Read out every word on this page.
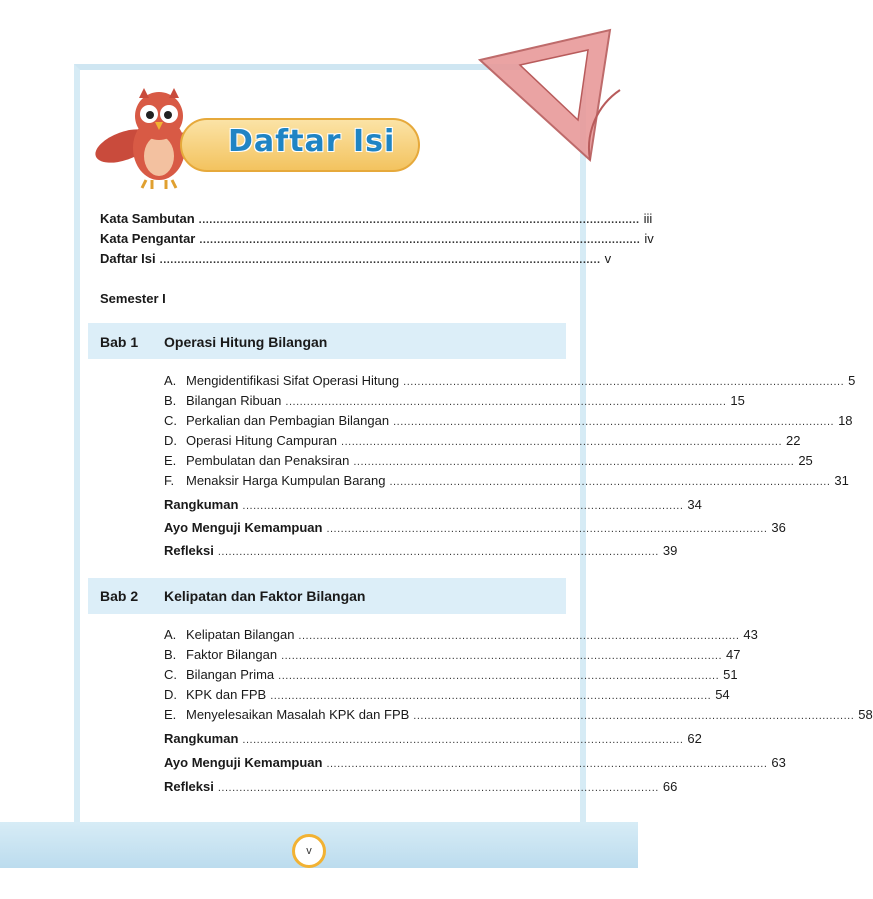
Daftar Isi
Kata Sambutan ............................................................................................................................ iii
Kata Pengantar ............................................................................................................................ iv
Daftar Isi ............................................................................................................................ v
Semester I
Bab 1 Operasi Hitung Bilangan
A. Mengidentifikasi Sifat Operasi Hitung ............................................................................................................................ 5
B. Bilangan Ribuan ............................................................................................................................ 15
C. Perkalian dan Pembagian Bilangan ............................................................................................................................ 18
D. Operasi Hitung Campuran ............................................................................................................................ 22
E. Pembulatan dan Penaksiran ............................................................................................................................ 25
F. Menaksir Harga Kumpulan Barang ............................................................................................................................ 31
Rangkuman ............................................................................................................................ 34
Ayo Menguji Kemampuan ............................................................................................................................ 36
Refleksi ............................................................................................................................ 39
Bab 2 Kelipatan dan Faktor Bilangan
A. Kelipatan Bilangan ............................................................................................................................ 43
B. Faktor Bilangan ............................................................................................................................ 47
C. Bilangan Prima ............................................................................................................................ 51
D. KPK dan FPB ............................................................................................................................ 54
E. Menyelesaikan Masalah KPK dan FPB ............................................................................................................................ 58
Rangkuman ............................................................................................................................ 62
Ayo Menguji Kemampuan ............................................................................................................................ 63
Refleksi ............................................................................................................................ 66
v
